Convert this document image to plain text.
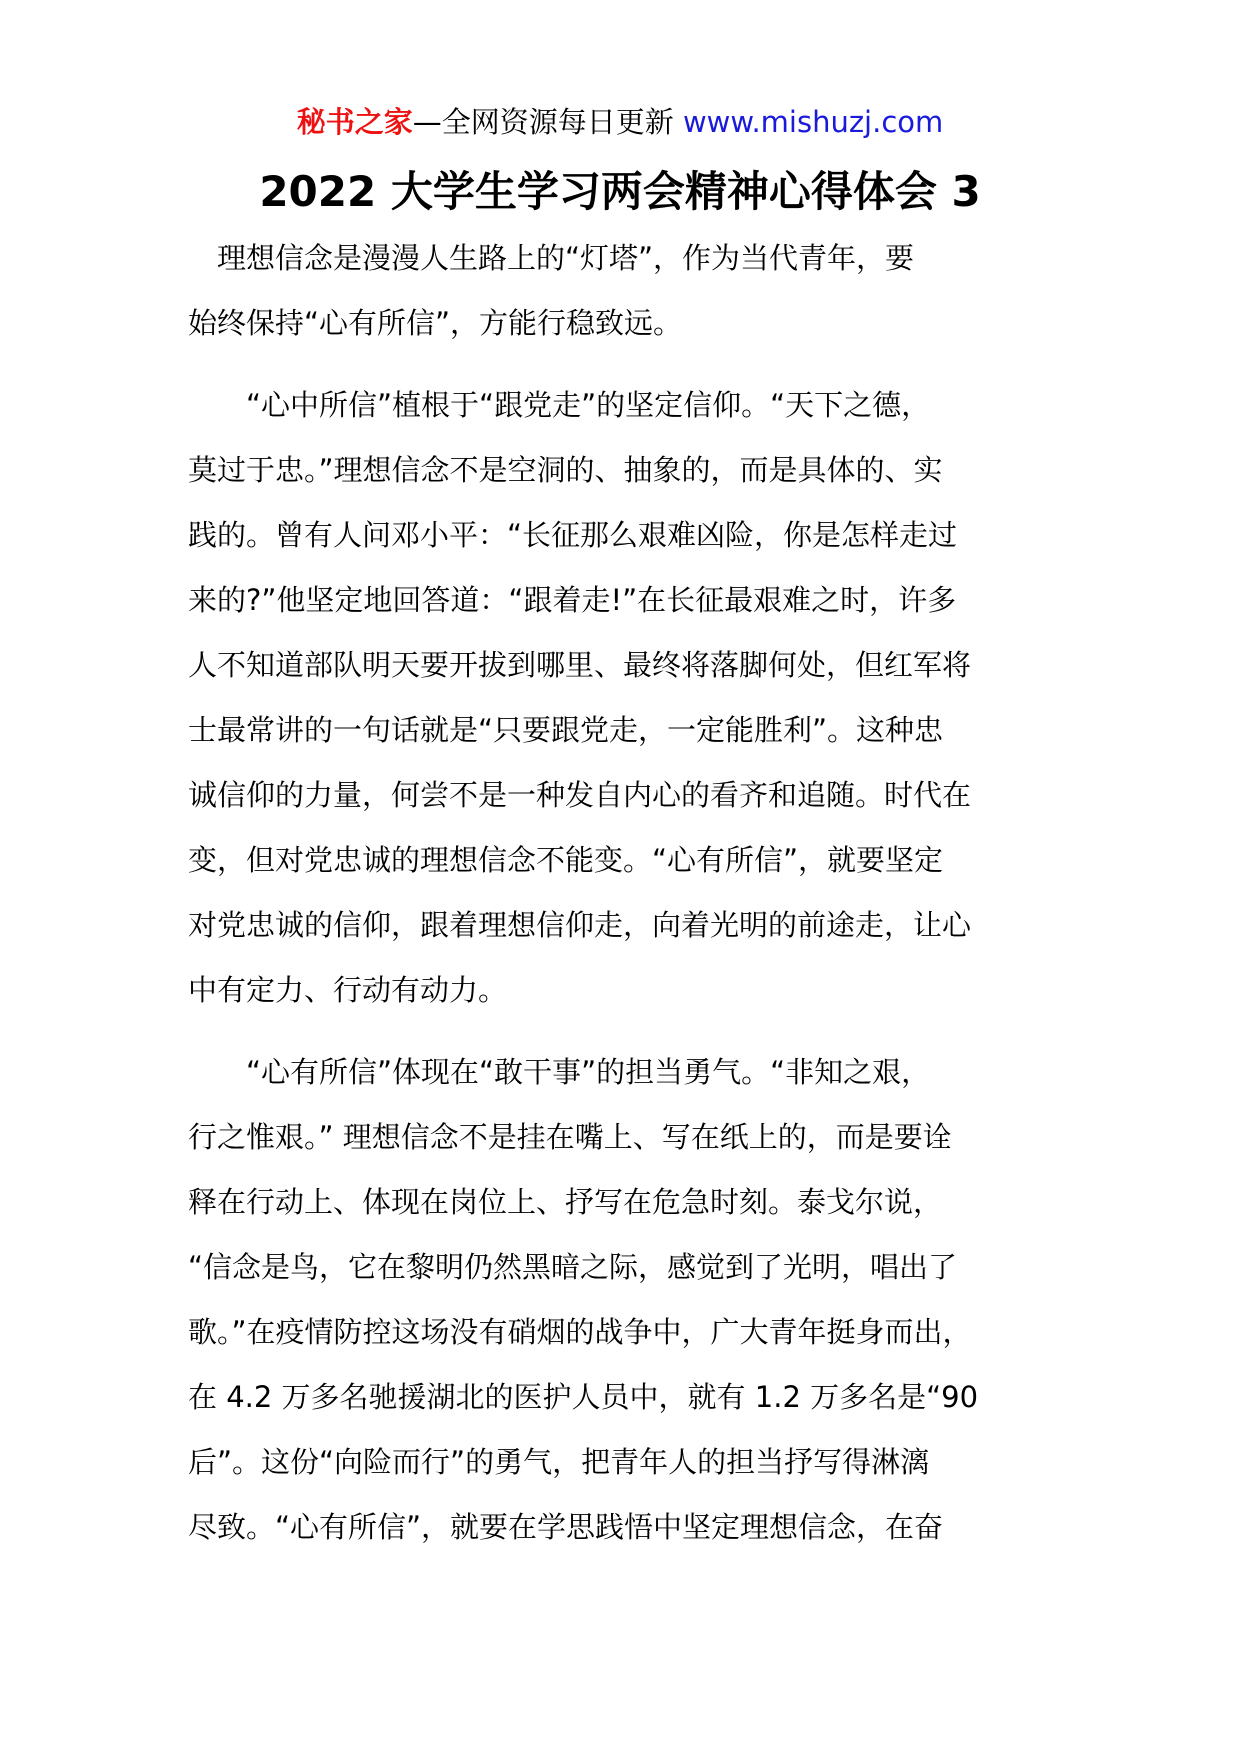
秘书之家—全网资源每日更新 www.mishuzj.com
2022 大学生学习两会精神心得体会 3
　理想信念是漫漫人生路上的“灯塔”，作为当代青年，要
始终保持“心有所信”，方能行稳致远。
　　“心中所信”植根于“跟党走”的坚定信仰。“天下之德，
莫过于忠。”理想信念不是空洞的、抽象的，而是具体的、实
践的。曾有人问邓小平：“长征那么艰难凶险，你是怎样走过
来的?”他坚定地回答道：“跟着走!”在长征最艰难之时，许多
人不知道部队明天要开拔到哪里、最终将落脚何处，但红军将
士最常讲的一句话就是“只要跟党走，一定能胜利”。这种忠
诚信仰的力量，何尝不是一种发自内心的看齐和追随。时代在
变，但对党忠诚的理想信念不能变。“心有所信”，就要坚定
对党忠诚的信仰，跟着理想信仰走，向着光明的前途走，让心
中有定力、行动有动力。
　　“心有所信”体现在“敢干事”的担当勇气。“非知之艰，
行之惟艰。” 理想信念不是挂在嘴上、写在纸上的，而是要诠
释在行动上、体现在岗位上、抒写在危急时刻。泰戈尔说，
“信念是鸟，它在黎明仍然黑暗之际，感觉到了光明，唱出了
歌。”在疫情防控这场没有硝烟的战争中，广大青年挺身而出，
在 4.2 万多名驰援湖北的医护人员中，就有 1.2 万多名是“90
后”。这份“向险而行”的勇气，把青年人的担当抒写得淋漓
尽致。“心有所信”，就要在学思践悟中坚定理想信念，在奋
